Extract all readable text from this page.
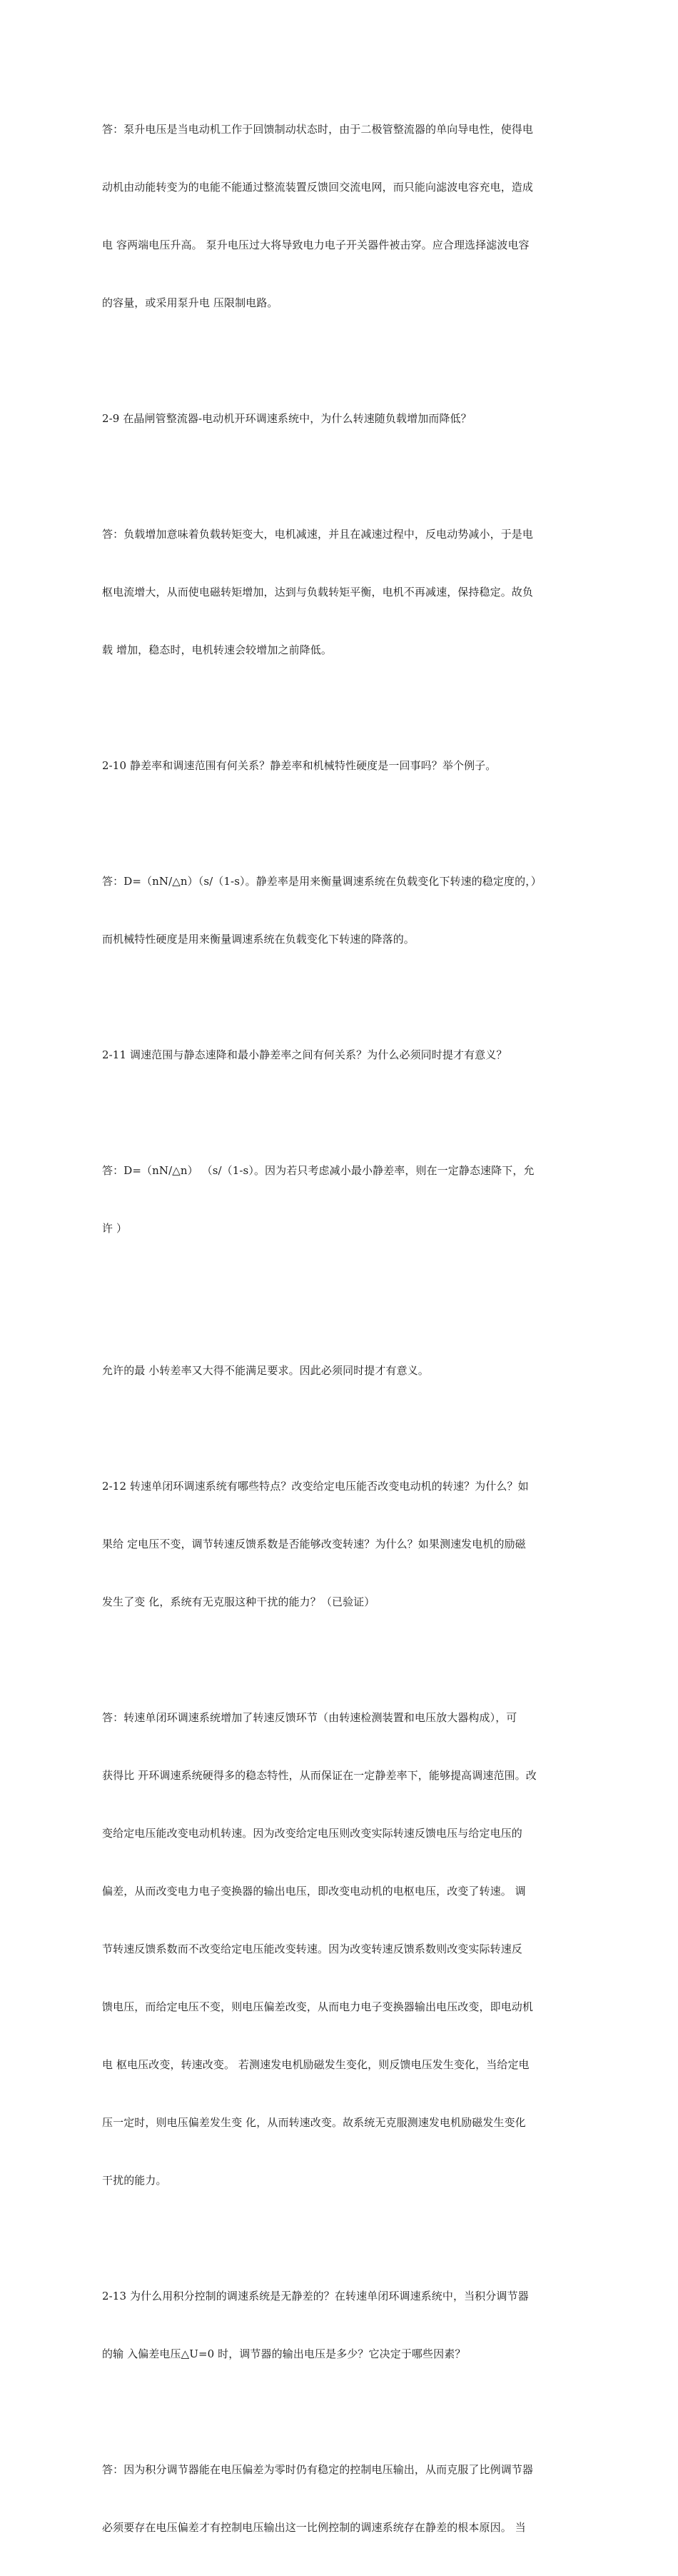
答：泵升电压是当电动机工作于回馈制动状态时，由于二极管整流器的单向导电性，使得电

动机由动能转变为的电能不能通过整流装置反馈回交流电网，而只能向滤波电容充电，造成

电 容两端电压升高。 泵升电压过大将导致电力电子开关器件被击穿。应合理选择滤波电容

的容量，或采用泵升电 压限制电路。

2-9 在晶闸管整流器-电动机开环调速系统中，为什么转速随负载增加而降低？

答：负载增加意味着负载转矩变大，电机减速，并且在减速过程中，反电动势减小，于是电

枢电流增大，从而使电磁转矩增加，达到与负载转矩平衡，电机不再减速，保持稳定。故负

载 增加，稳态时，电机转速会较增加之前降低。

2-10 静差率和调速范围有何关系？静差率和机械特性硬度是一回事吗？举个例子。

答：D=（nN/△n）（s/（1-s）。静差率是用来衡量调速系统在负载变化下转速的稳定度的，）

而机械特性硬度是用来衡量调速系统在负载变化下转速的降落的。

2-11 调速范围与静态速降和最小静差率之间有何关系？为什么必须同时提才有意义？

答：D=（nN/△n） （s/（1-s）。因为若只考虑减小最小静差率，则在一定静态速降下，允

许 ）

允许的最 小转差率又大得不能满足要求。因此必须同时提才有意义。

2-12 转速单闭环调速系统有哪些特点？改变给定电压能否改变电动机的转速？为什么？如

果给 定电压不变，调节转速反馈系数是否能够改变转速？为什么？如果测速发电机的励磁

发生了变 化，系统有无克服这种干扰的能力？（已验证）

答：转速单闭环调速系统增加了转速反馈环节（由转速检测装置和电压放大器构成），可

获得比 开环调速系统硬得多的稳态特性，从而保证在一定静差率下，能够提高调速范围。改

变给定电压能改变电动机转速。因为改变给定电压则改变实际转速反馈电压与给定电压的

偏差，从而改变电力电子变换器的输出电压，即改变电动机的电枢电压，改变了转速。 调

节转速反馈系数而不改变给定电压能改变转速。因为改变转速反馈系数则改变实际转速反

馈电压，而给定电压不变，则电压偏差改变，从而电力电子变换器输出电压改变，即电动机

电 枢电压改变，转速改变。 若测速发电机励磁发生变化，则反馈电压发生变化，当给定电

压一定时，则电压偏差发生变 化，从而转速改变。故系统无克服测速发电机励磁发生变化

干扰的能力。

2-13 为什么用积分控制的调速系统是无静差的？在转速单闭环调速系统中，当积分调节器

的输 入偏差电压△U=0 时，调节器的输出电压是多少？它决定于哪些因素？

答：因为积分调节器能在电压偏差为零时仍有稳定的控制电压输出，从而克服了比例调节器

必须要存在电压偏差才有控制电压输出这一比例控制的调速系统存在静差的根本原因。 当
